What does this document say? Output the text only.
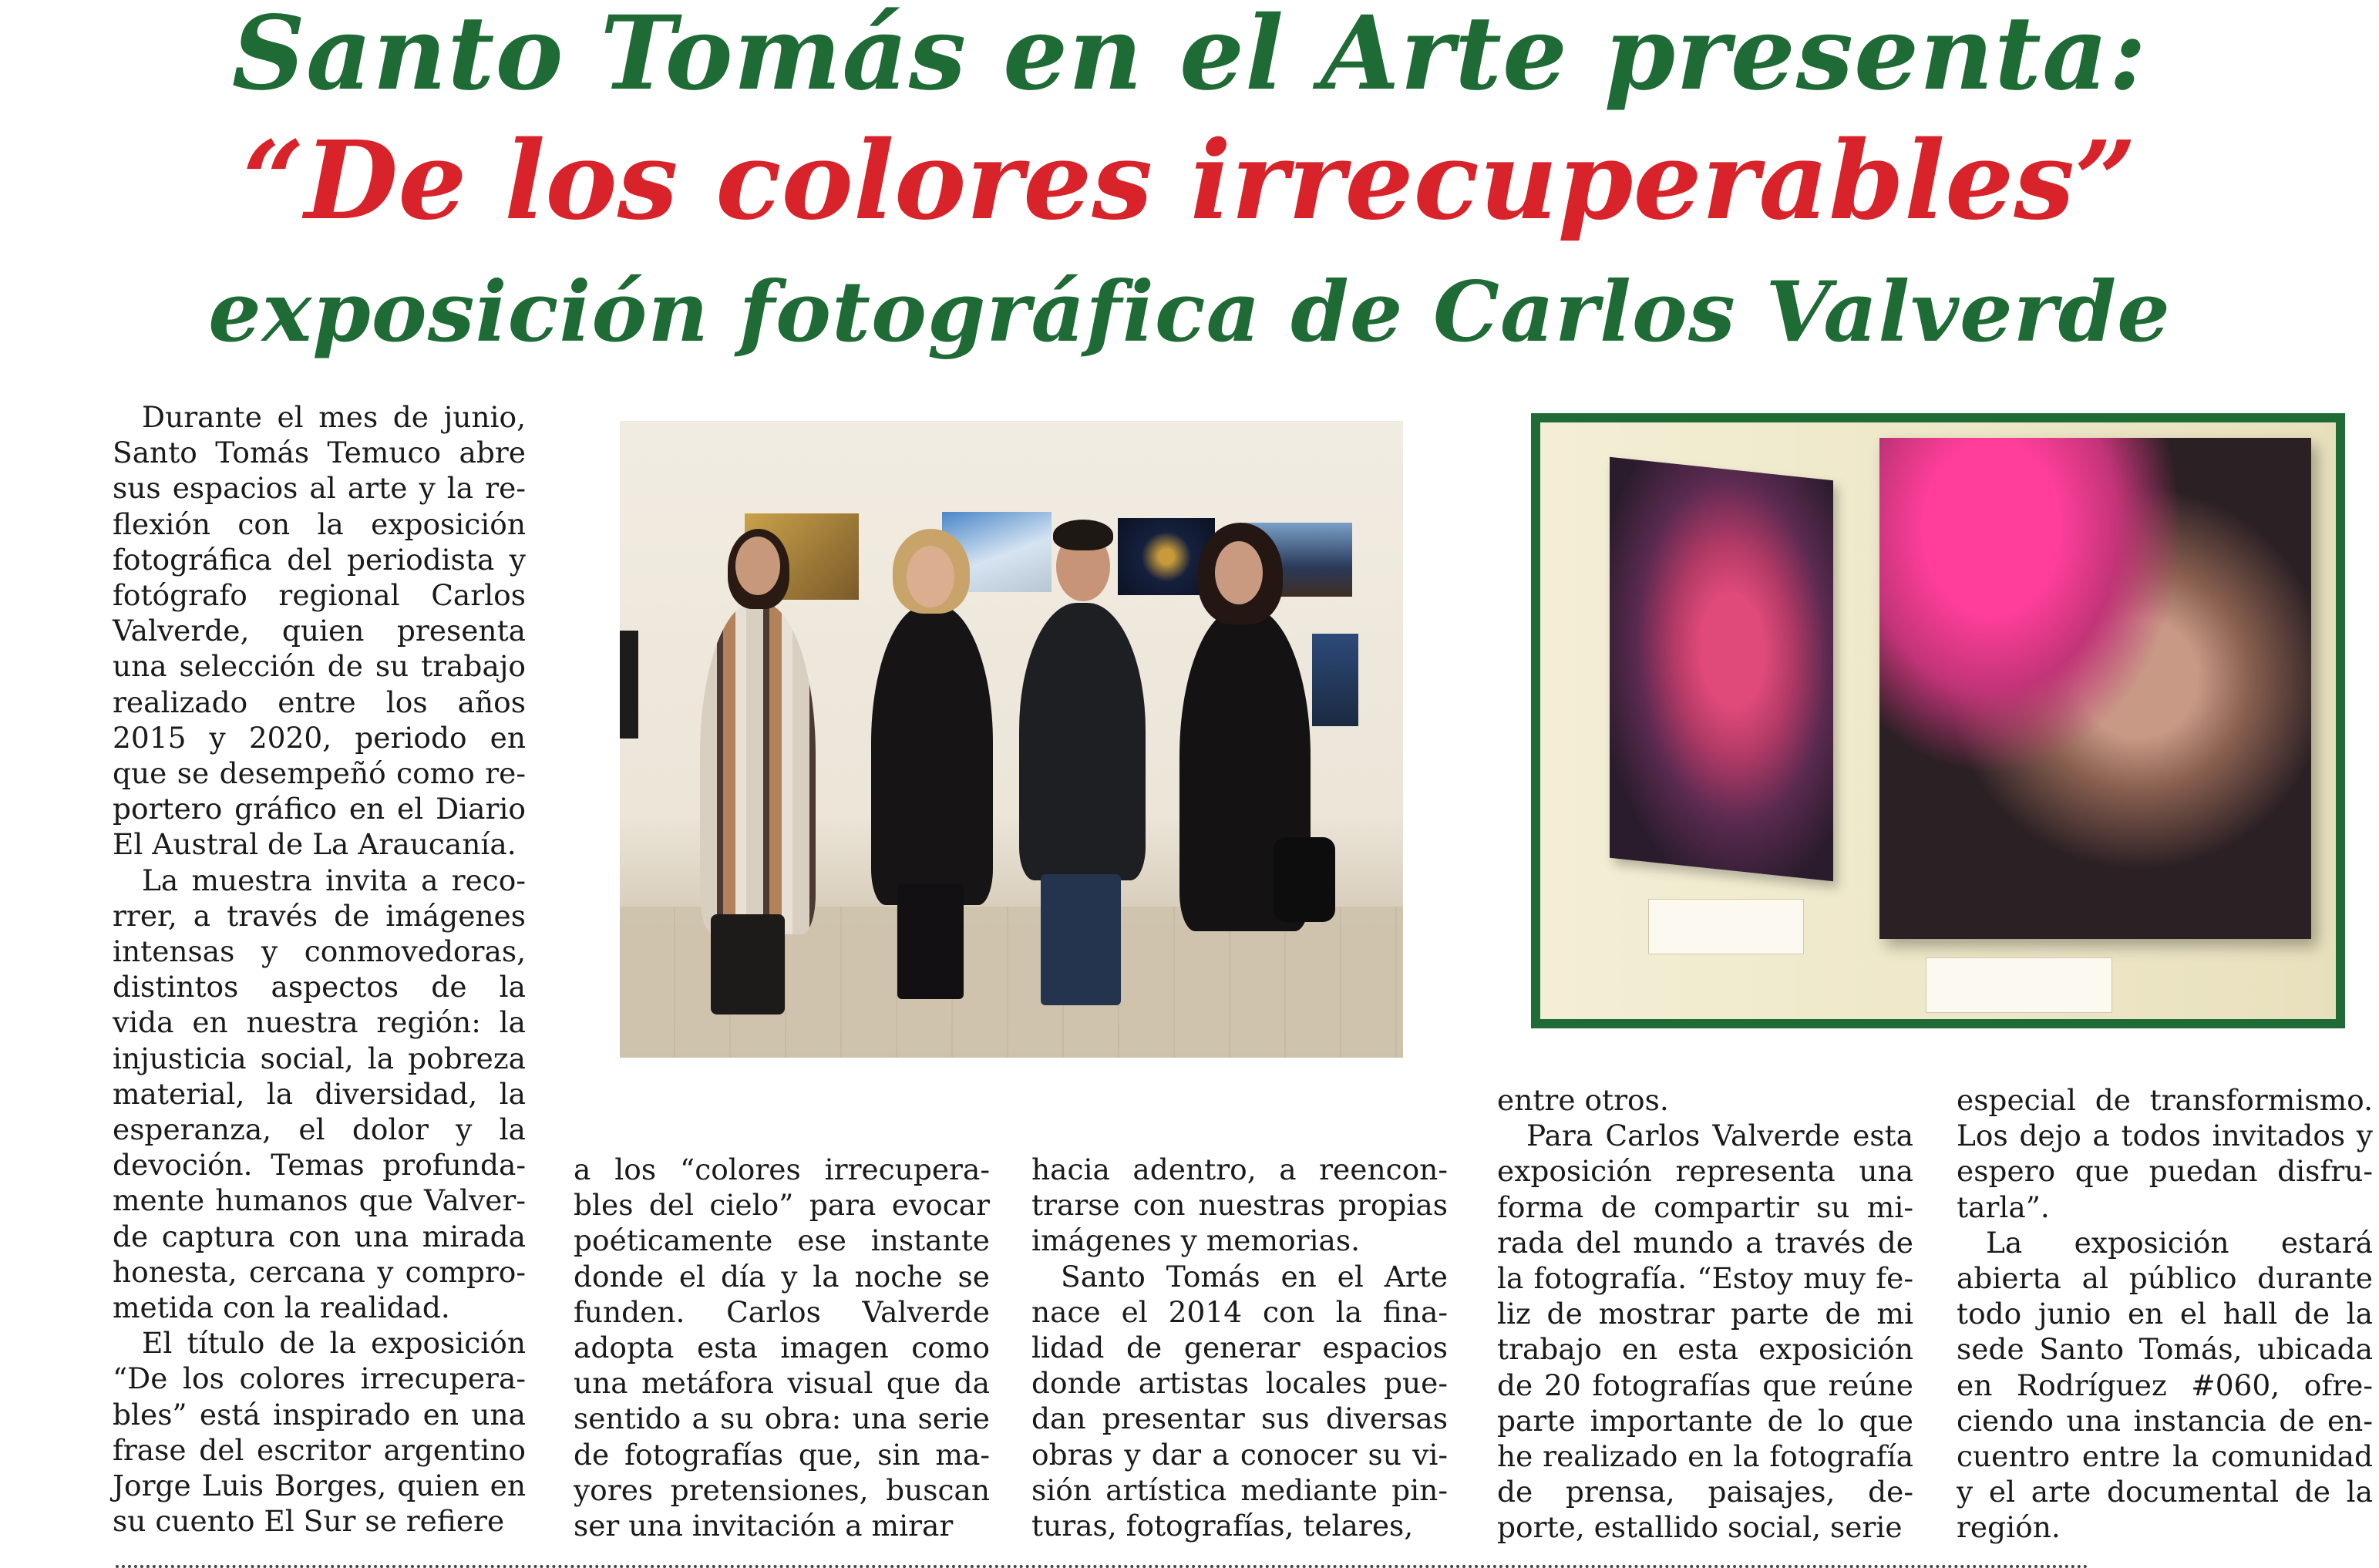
Santo Tomás en el Arte presenta:
“De los colores irrecuperables”
exposición fotográfica de Carlos Valverde

Durante el mes de junio, Santo Tomás Temuco abre sus espacios al arte y la reflexión con la exposición fotográfica del periodista y fotógrafo regional Carlos Valverde, quien presenta una selección de su trabajo realizado entre los años 2015 y 2020, periodo en que se desempeñó como reportero gráfico en el Diario El Austral de La Araucanía.

La muestra invita a recorrer, a través de imágenes intensas y conmovedoras, distintos aspectos de la vida en nuestra región: la injusticia social, la pobreza material, la diversidad, la esperanza, el dolor y la devoción. Temas profundamente humanos que Valverde captura con una mirada honesta, cercana y comprometida con la realidad.

El título de la exposición “De los colores irrecuperables” está inspirado en una frase del escritor argentino Jorge Luis Borges, quien en su cuento El Sur se refiere

a los “colores irrecuperables del cielo” para evocar poéticamente ese instante donde el día y la noche se funden. Carlos Valverde adopta esta imagen como una metáfora visual que da sentido a su obra: una serie de fotografías que, sin mayores pretensiones, buscan ser una invitación a mirar

hacia adentro, a reencontrarse con nuestras propias imágenes y memorias.

Santo Tomás en el Arte nace el 2014 con la finalidad de generar espacios donde artistas locales puedan presentar sus diversas obras y dar a conocer su visión artística mediante pinturas, fotografías, telares,

entre otros.

Para Carlos Valverde esta exposición representa una forma de compartir su mirada del mundo a través de la fotografía. “Estoy muy feliz de mostrar parte de mi trabajo en esta exposición de 20 fotografías que reúne parte importante de lo que he realizado en la fotografía de prensa, paisajes, deporte, estallido social, serie

especial de transformismo. Los dejo a todos invitados y espero que puedan disfrutarla”.

La exposición estará abierta al público durante todo junio en el hall de la sede Santo Tomás, ubicada en Rodríguez #060, ofreciendo una instancia de encuentro entre la comunidad y el arte documental de la región.
